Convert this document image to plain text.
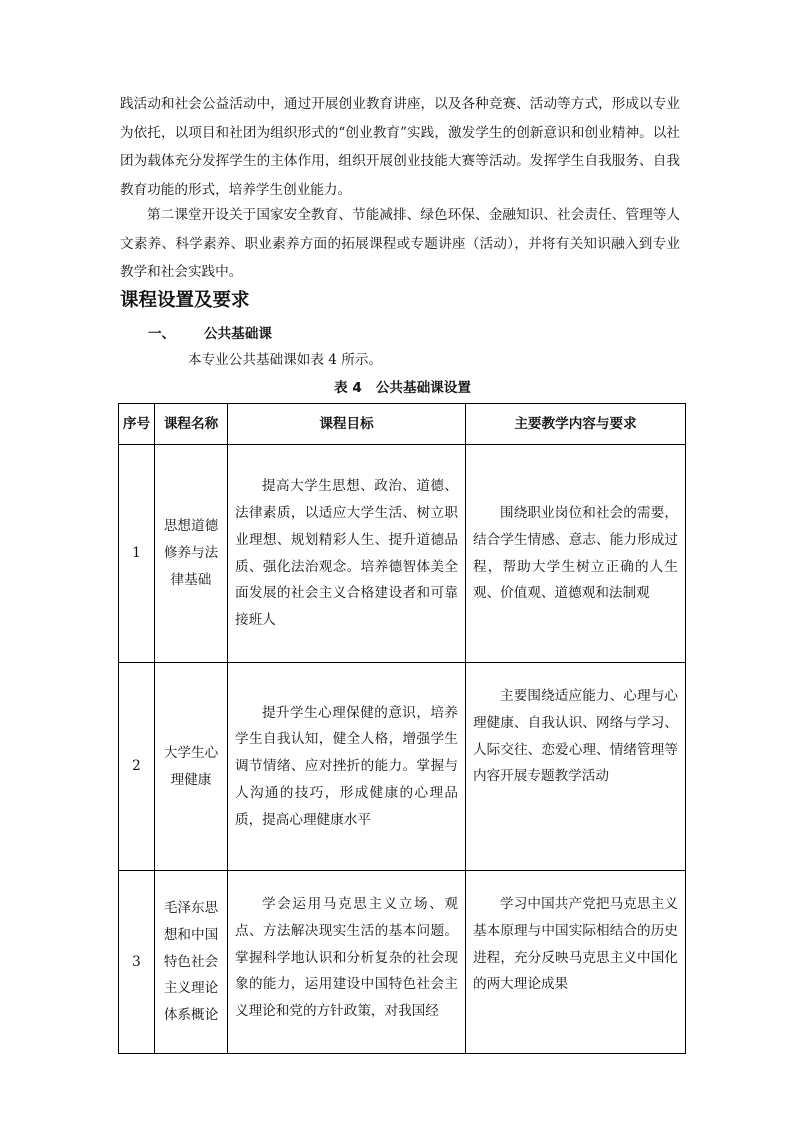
践活动和社会公益活动中，通过开展创业教育讲座，以及各种竞赛、活动等方式，形成以专业为依托，以项目和社团为组织形式的“创业教育”实践，激发学生的创新意识和创业精神。以社团为载体充分发挥学生的主体作用，组织开展创业技能大赛等活动。发挥学生自我服务、自我教育功能的形式，培养学生创业能力。

第二课堂开设关于国家安全教育、节能减排、绿色环保、金融知识、社会责任、管理等人文素养、科学素养、职业素养方面的拓展课程或专题讲座（活动），并将有关知识融入到专业教学和社会实践中。

课程设置及要求
一、 公共基础课

本专业公共基础课如表 4 所示。

表 4 公共基础课设置

序号	课程名称	课程目标	主要教学内容与要求
1	思想道德修养与法律基础	提高大学生思想、政治、道德、法律素质，以适应大学生活、树立职业理想、规划精彩人生、提升道德品质、强化法治观念。培养德智体美全面发展的社会主义合格建设者和可靠接班人	围绕职业岗位和社会的需要，结合学生情感、意志、能力形成过程，帮助大学生树立正确的人生观、价值观、道德观和法制观
2	大学生心理健康	提升学生心理保健的意识，培养学生自我认知，健全人格，增强学生调节情绪、应对挫折的能力。掌握与人沟通的技巧，形成健康的心理品质，提高心理健康水平	主要围绕适应能力、心理与心理健康、自我认识、网络与学习、人际交往、恋爱心理、情绪管理等内容开展专题教学活动
3	毛泽东思想和中国特色社会主义理论体系概论	学会运用马克思主义立场、观点、方法解决现实生活的基本问题。掌握科学地认识和分析复杂的社会现象的能力，运用建设中国特色社会主义理论和党的方针政策，对我国经	学习中国共产党把马克思主义基本原理与中国实际相结合的历史进程，充分反映马克思主义中国化的两大理论成果
